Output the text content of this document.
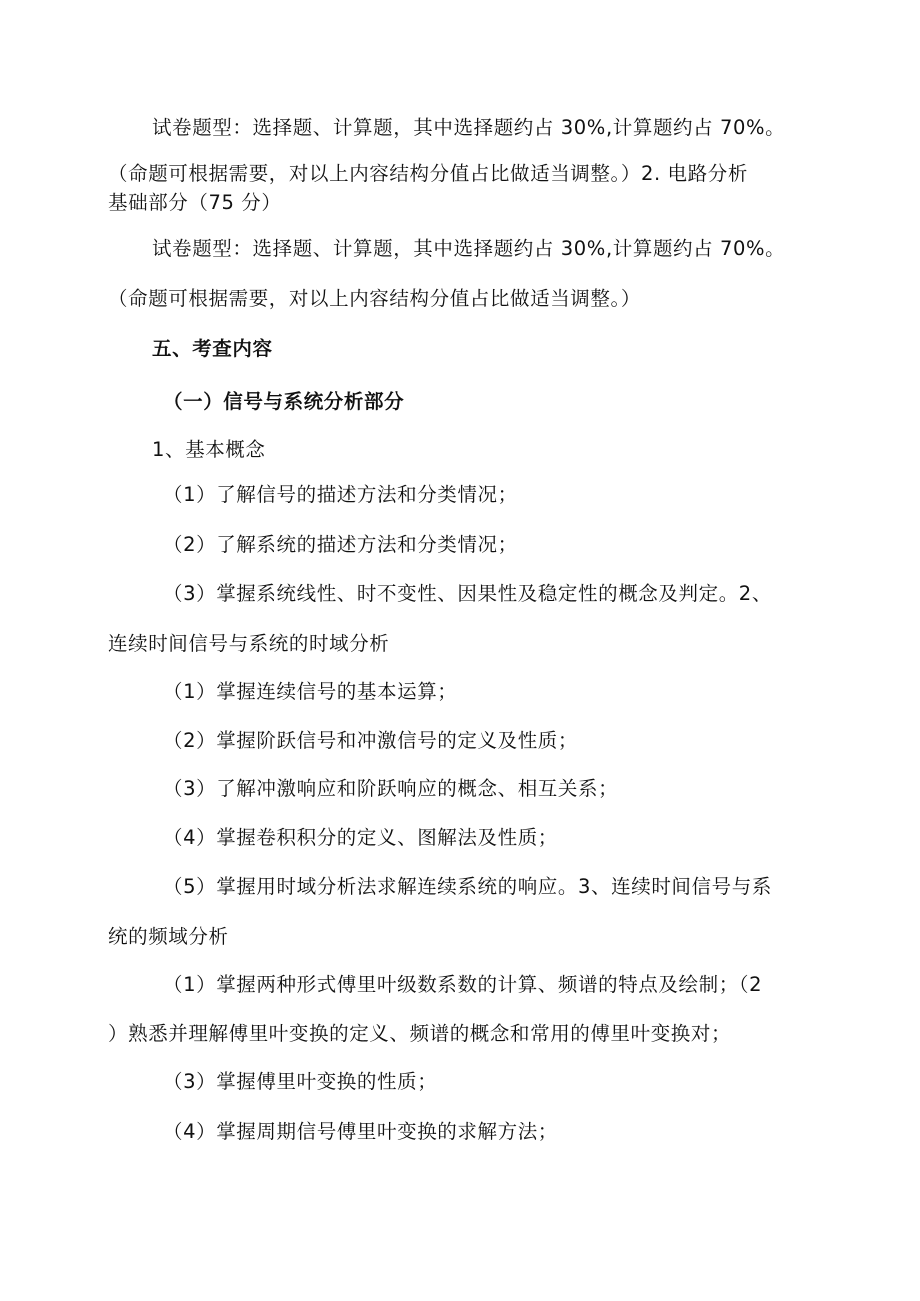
试卷题型：选择题、计算题，其中选择题约占 30%,计算题约占 70%。
（命题可根据需要，对以上内容结构分值占比做适当调整。）2. 电路分析
基础部分（75 分）
试卷题型：选择题、计算题，其中选择题约占 30%,计算题约占 70%。
（命题可根据需要，对以上内容结构分值占比做适当调整。）
五、考查内容
（一）信号与系统分析部分
1、基本概念
（1）了解信号的描述方法和分类情况；
（2）了解系统的描述方法和分类情况；
（3）掌握系统线性、时不变性、因果性及稳定性的概念及判定。2、
连续时间信号与系统的时域分析
（1）掌握连续信号的基本运算；
（2）掌握阶跃信号和冲激信号的定义及性质；
（3）了解冲激响应和阶跃响应的概念、相互关系；
（4）掌握卷积积分的定义、图解法及性质；
（5）掌握用时域分析法求解连续系统的响应。3、连续时间信号与系
统的频域分析
（1）掌握两种形式傅里叶级数系数的计算、频谱的特点及绘制；（2
）熟悉并理解傅里叶变换的定义、频谱的概念和常用的傅里叶变换对；
（3）掌握傅里叶变换的性质；
（4）掌握周期信号傅里叶变换的求解方法；
